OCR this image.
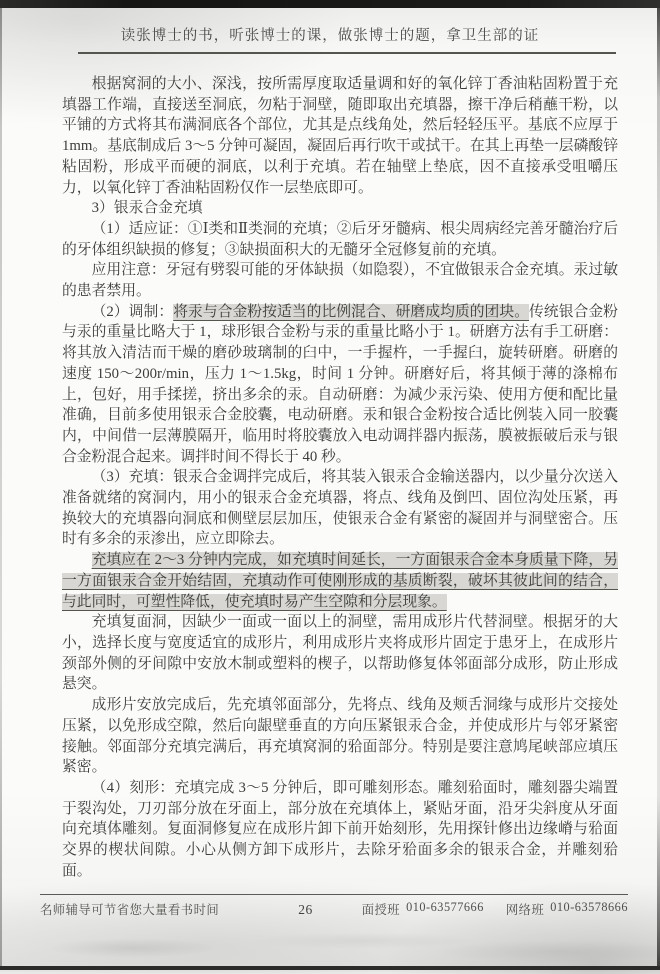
读张博士的书，听张博士的课，做张博士的题，拿卫生部的证

根据窝洞的大小、深浅，按所需厚度取适量调和好的氧化锌丁香油粘固粉置于充填器工作端，直接送至洞底，勿粘于洞壁，随即取出充填器，擦干净后稍蘸干粉，以平铺的方式将其布满洞底各个部位，尤其是点线角处，然后轻轻压平。基底不应厚于1mm。基底制成后 3～5 分钟可凝固，凝固后再行吹干或拭干。在其上再垫一层磷酸锌粘固粉，形成平而硬的洞底，以利于充填。若在轴壁上垫底，因不直接承受咀嚼压力，以氧化锌丁香油粘固粉仅作一层垫底即可。

3）银汞合金充填

（1）适应证：①Ⅰ类和Ⅱ类洞的充填；②后牙牙髓病、根尖周病经完善牙髓治疗后的牙体组织缺损的修复；③缺损面积大的无髓牙全冠修复前的充填。

应用注意：牙冠有劈裂可能的牙体缺损（如隐裂），不宜做银汞合金充填。汞过敏的患者禁用。

（2）调制：将汞与合金粉按适当的比例混合、研磨成均质的团块。传统银合金粉与汞的重量比略大于 1，球形银合金粉与汞的重量比略小于 1。研磨方法有手工研磨：将其放入清洁而干燥的磨砂玻璃制的臼中，一手握杵，一手握臼，旋转研磨。研磨的速度 150～200r/min，压力 1～1.5kg，时间 1 分钟。研磨好后，将其倾于薄的涤棉布上，包好，用手揉搓，挤出多余的汞。自动研磨：为减少汞污染、使用方便和配比量准确，目前多使用银汞合金胶囊，电动研磨。汞和银合金粉按合适比例装入同一胶囊内，中间借一层薄膜隔开，临用时将胶囊放入电动调拌器内振荡，膜被振破后汞与银合金粉混合起来。调拌时间不得长于 40 秒。

（3）充填：银汞合金调拌完成后，将其装入银汞合金输送器内，以少量分次送入准备就绪的窝洞内，用小的银汞合金充填器，将点、线角及倒凹、固位沟处压紧，再换较大的充填器向洞底和侧壁层层加压，使银汞合金有紧密的凝固并与洞壁密合。压时有多余的汞渗出，应立即除去。

充填应在 2～3 分钟内完成，如充填时间延长，一方面银汞合金本身质量下降，另一方面银汞合金开始结固，充填动作可使刚形成的基质断裂，破坏其彼此间的结合，与此同时，可塑性降低，使充填时易产生空隙和分层现象。

充填复面洞，因缺少一面或一面以上的洞壁，需用成形片代替洞壁。根据牙的大小，选择长度与宽度适宜的成形片，利用成形片夹将成形片固定于患牙上，在成形片颈部外侧的牙间隙中安放木制或塑料的楔子，以帮助修复体邻面部分成形，防止形成悬突。

成形片安放完成后，先充填邻面部分，先将点、线角及颊舌洞缘与成形片交接处压紧，以免形成空隙，然后向龈壁垂直的方向压紧银汞合金，并使成形片与邻牙紧密接触。邻面部分充填完满后，再充填窝洞的𬌗面部分。特别是要注意鸠尾峡部应填压紧密。

（4）刻形：充填完成 3～5 分钟后，即可雕刻形态。雕刻𬌗面时，雕刻器尖端置于裂沟处，刀刃部分放在牙面上，部分放在充填体上，紧贴牙面，沿牙尖斜度从牙面向充填体雕刻。复面洞修复应在成形片卸下前开始刻形，先用探针修出边缘嵴与𬌗面交界的楔状间隙。小心从侧方卸下成形片，去除牙𬌗面多余的银汞合金，并雕刻𬌗面。

名师辅导可节省您大量看书时间	26	面授班 010-63577666 网络班 010-63578666
